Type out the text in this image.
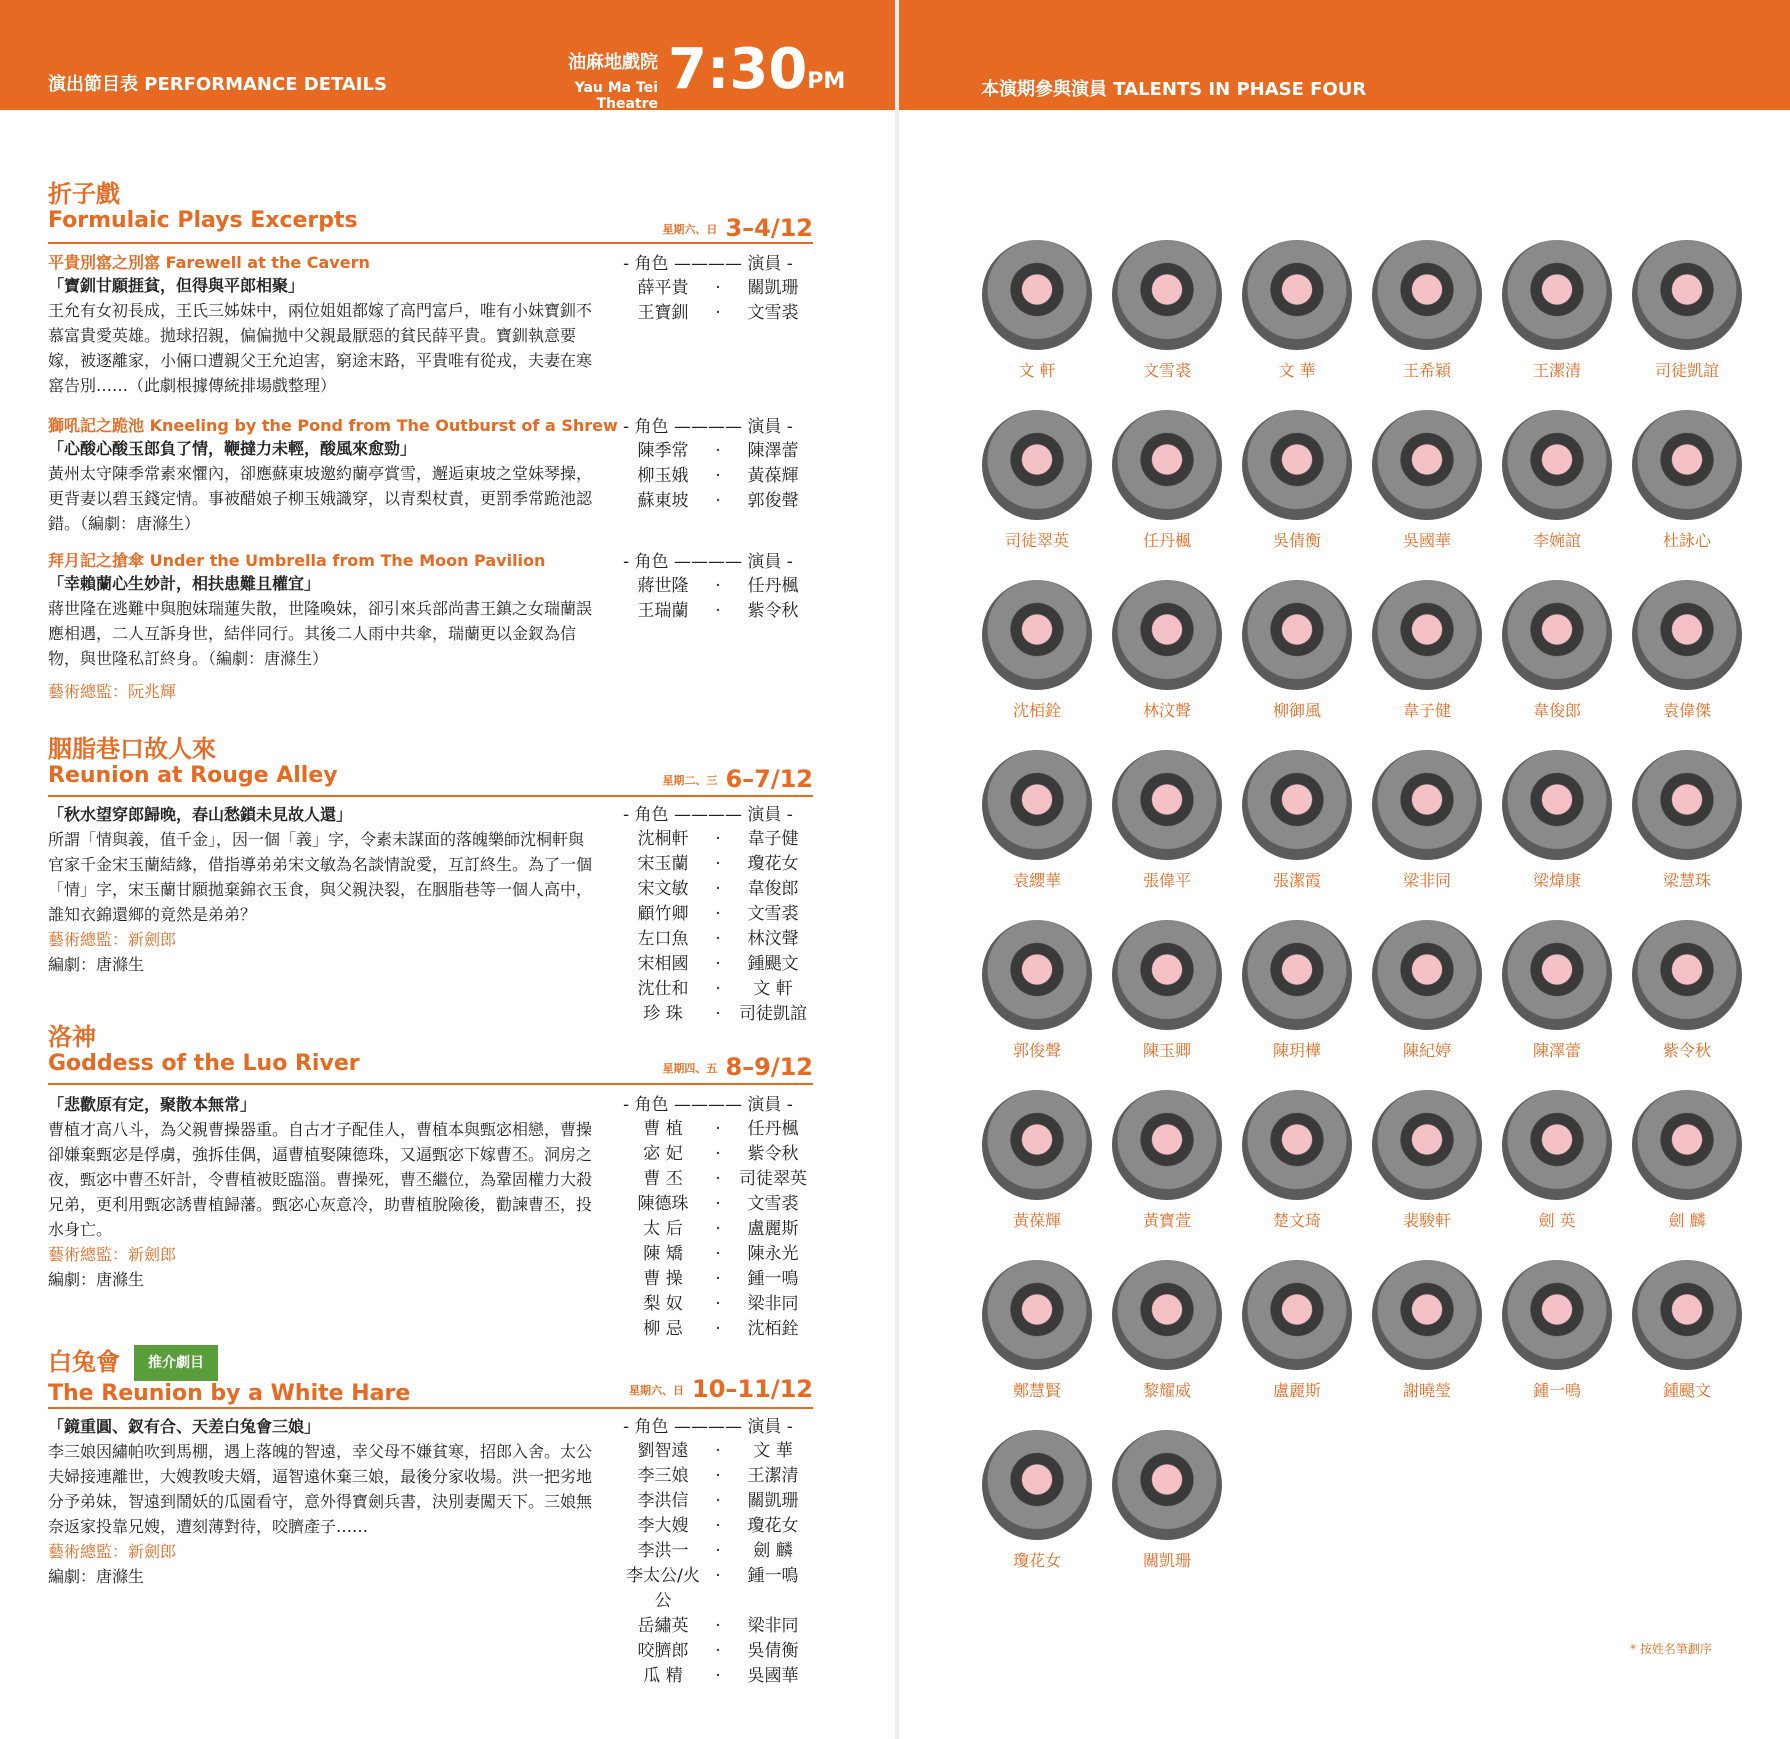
演出節目表 PERFORMANCE DETAILS
油麻地戲院
Yau Ma Tei Theatre
7:30PM	本演期參與演員 TALENTS IN PHASE FOUR
折子戲
Formulaic Plays Excerpts	星期六、日 3–4/12
平貴別窰之別窰 Farewell at the Cavern
「寶釧甘願捱貧，但得與平郎相聚」
王允有女初長成，王氏三姊妹中，兩位姐姐都嫁了高門富戶，唯有小妹寶釧不慕富貴愛英雄。拋球招親，偏偏拋中父親最厭惡的貧民薛平貴。寶釧執意要嫁，被逐離家，小倆口遭親父王允迫害，窮途末路，平貴唯有從戎，夫妻在寒窰告別……（此劇根據傳統排場戲整理）
- 角色 ———— 演員 -
薛平貴	‧	關凱珊
王寶釧	‧	文雪裘
獅吼記之跪池 Kneeling by the Pond from The Outburst of a Shrew
「心酸心酸玉郎負了情，鞭撻力未輕，酸風來愈勁」
黃州太守陳季常素來懼內，卻應蘇東坡邀約蘭亭賞雪，邂逅東坡之堂妹琴操，更背妻以碧玉錢定情。事被醋娘子柳玉娥識穿，以青梨杖責，更罰季常跪池認錯。（編劇：唐滌生）
- 角色 ———— 演員 -
陳季常	‧	陳澤蕾
柳玉娥	‧	黃葆輝
蘇東坡	‧	郭俊聲
拜月記之搶傘 Under the Umbrella from The Moon Pavilion
「幸賴蘭心生妙計，相扶患難且權宜」
蔣世隆在逃難中與胞妹瑞蓮失散，世隆喚妹，卻引來兵部尚書王鎮之女瑞蘭誤應相遇，二人互訴身世，結伴同行。其後二人雨中共傘，瑞蘭更以金釵為信物，與世隆私訂終身。（編劇：唐滌生）
藝術總監：阮兆輝
- 角色 ———— 演員 -
蔣世隆	‧	任丹楓
王瑞蘭	‧	紫令秋
胭脂巷口故人來
Reunion at Rouge Alley	星期二、三 6–7/12
「秋水望穿郎歸晚，春山愁鎖未見故人還」
所謂「情與義，值千金」，因一個「義」字，令素未謀面的落魄樂師沈桐軒與官家千金宋玉蘭結緣，借指導弟弟宋文敏為名談情說愛，互訂終生。為了一個「情」字，宋玉蘭甘願拋棄錦衣玉食，與父親決裂，在胭脂巷等一個人高中，誰知衣錦還鄉的竟然是弟弟？
藝術總監：新劍郎
編劇：唐滌生
- 角色 ———— 演員 -
沈桐軒	‧	韋子健
宋玉蘭	‧	瓊花女
宋文敏	‧	韋俊郎
顧竹卿	‧	文雪裘
左口魚	‧	林汶聲
宋相國	‧	鍾颶文
沈仕和	‧	文 軒
珍 珠	‧	司徒凱誼
洛神
Goddess of the Luo River	星期四、五 8–9/12
「悲歡原有定，聚散本無常」
曹植才高八斗，為父親曹操器重。自古才子配佳人，曹植本與甄宓相戀，曹操卻嫌棄甄宓是俘虜，強拆佳偶，逼曹植娶陳德珠，又逼甄宓下嫁曹丕。洞房之夜，甄宓中曹丕奸計，令曹植被貶臨淄。曹操死，曹丕繼位，為鞏固權力大殺兄弟，更利用甄宓誘曹植歸藩。甄宓心灰意冷，助曹植脫險後，勸諫曹丕，投水身亡。
藝術總監：新劍郎
編劇：唐滌生
- 角色 ———— 演員 -
曹 植	‧	任丹楓
宓 妃	‧	紫令秋
曹 丕	‧	司徒翠英
陳德珠	‧	文雪裘
太 后	‧	盧麗斯
陳 矯	‧	陳永光
曹 操	‧	鍾一鳴
梨 奴	‧	梁非同
柳 忌	‧	沈栢銓
白兔會 推介劇目
The Reunion by a White Hare	星期六、日 10–11/12
「鏡重圓、釵有合、天差白兔會三娘」
李三娘因繡帕吹到馬棚，遇上落魄的智遠，幸父母不嫌貧寒，招郎入舍。太公夫婦接連離世，大嫂教唆夫婿，逼智遠休棄三娘，最後分家收場。洪一把劣地分予弟妹，智遠到鬧妖的瓜園看守，意外得寶劍兵書，決別妻闖天下。三娘無奈返家投靠兄嫂，遭刻薄對待，咬臍產子……
藝術總監：新劍郎
編劇：唐滌生
- 角色 ———— 演員 -
劉智遠	‧	文 華
李三娘	‧	王潔清
李洪信	‧	關凱珊
李大嫂	‧	瓊花女
李洪一	‧	劍 麟
李太公/火公
‧	鍾一鳴
岳繡英	‧	梁非同
咬臍郎	‧	吳倩衡
瓜 精	‧	吳國華
文 軒	文雪裘	文 華	王希穎	王潔清	司徒凱誼
司徒翠英	任丹楓	吳倩衡	吳國華	李婉誼	杜詠心
沈栢銓	林汶聲	柳御風	韋子健	韋俊郎	袁偉傑
袁纓華	張偉平	張潔霞	梁非同	梁煒康	梁慧珠
郭俊聲	陳玉卿	陳玥樺	陳紀婷	陳澤蕾	紫令秋
黃葆輝	黃寶萱	楚文琦	裴駿軒	劍 英	劍 麟
鄭慧賢	黎耀威	盧麗斯	謝曉瑩	鍾一鳴	鍾颶文
瓊花女	關凱珊
* 按姓名筆劃序
